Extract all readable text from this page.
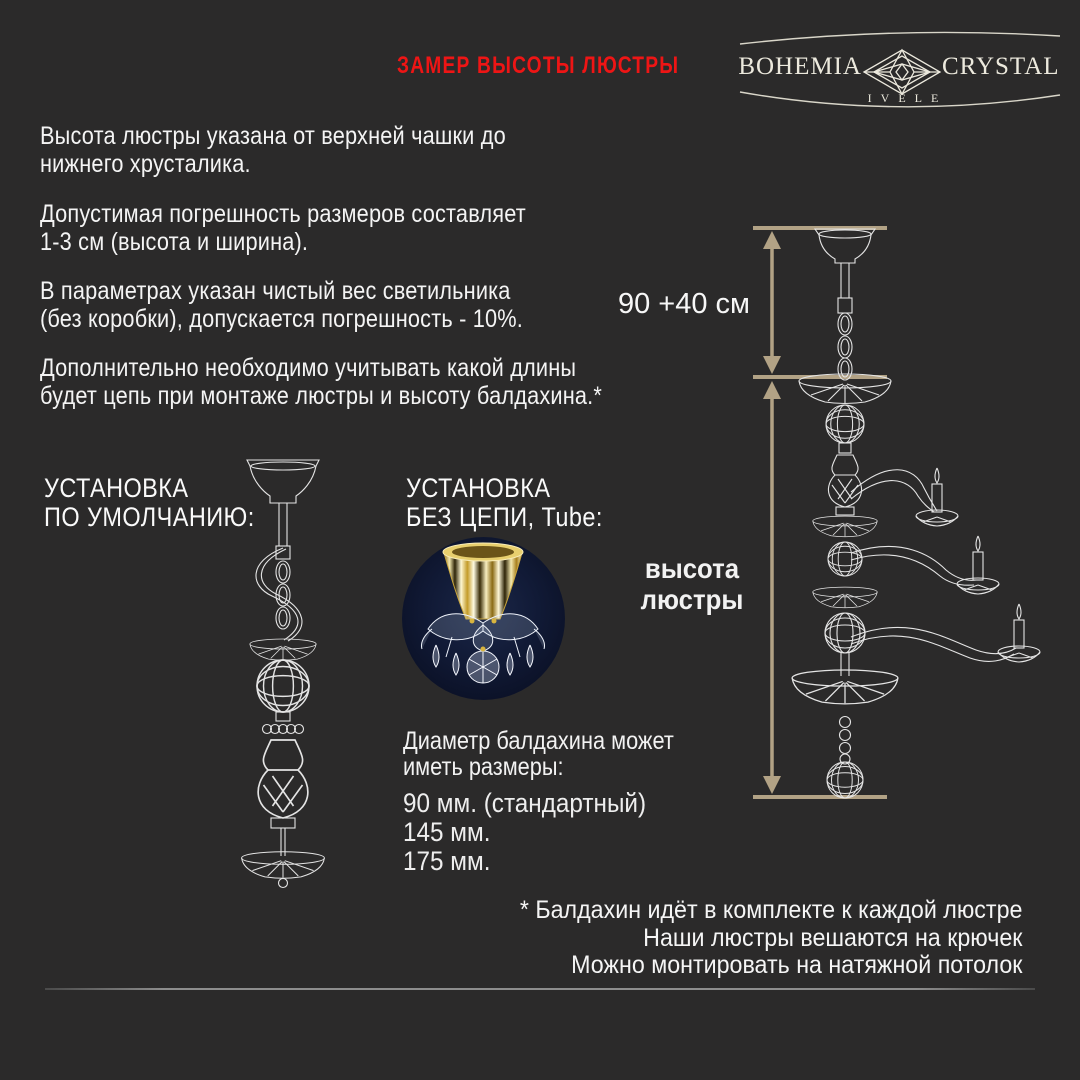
ЗАМЕР ВЫСОТЫ ЛЮСТРЫ BOHEMIA	CRYSTAL
IVELE
Высота люстры указана от верхней чашки до
нижнего хрусталика.
Допустимая погрешность размеров составляет
1-3 см (высота и ширина).
В параметрах указан чистый вес светильника
(без коробки), допускается погрешность - 10%.
Дополнительно необходимо учитывать какой длины
будет цепь при монтаже люстры и высоту балдахина.*
90 +40 см
высота
люстры
УСТАНОВКА
ПО УМОЛЧАНИЮ:
УСТАНОВКА
БЕЗ ЦЕПИ, Tube:
Диаметр балдахина может
иметь размеры:
90 мм. (стандартный)
145 мм.
175 мм.
* Балдахин идёт в комплекте к каждой люстре
Наши люстры вешаются на крючек
Можно монтировать на натяжной потолок
